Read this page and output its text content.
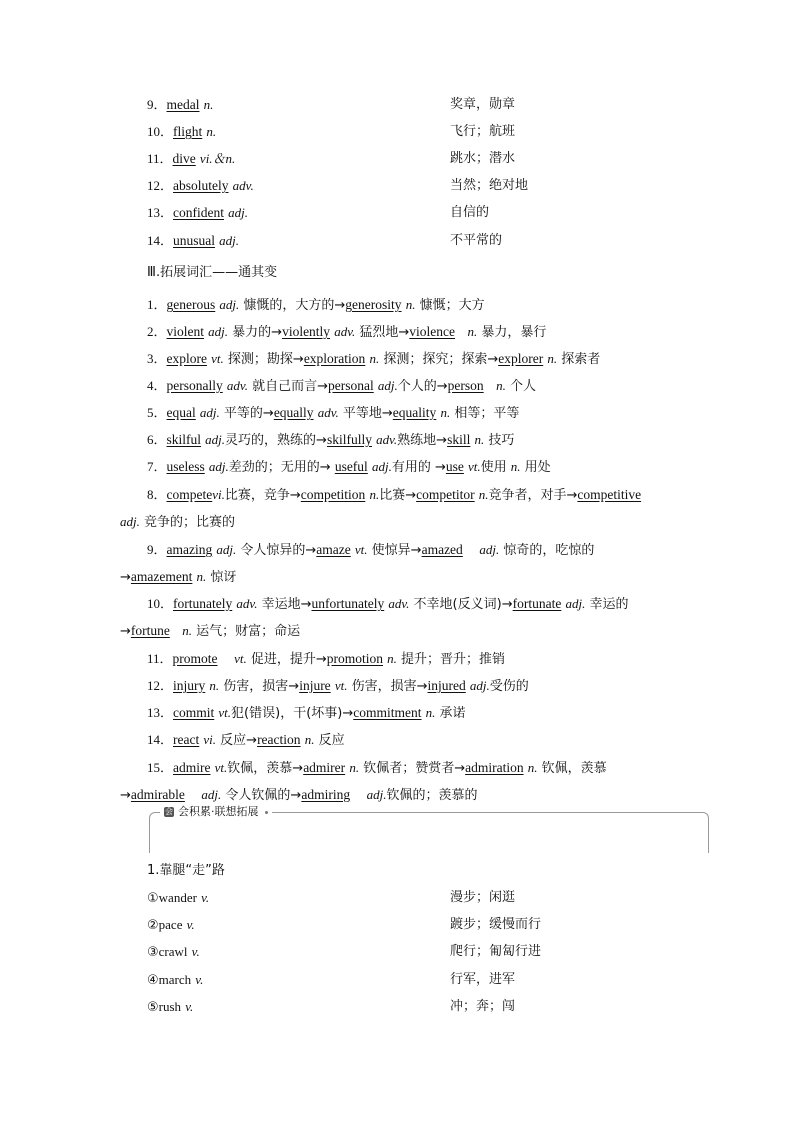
9．medal n.	奖章，勋章
10．flight n.	飞行；航班
11．dive vi.＆n.	跳水；潜水
12．absolutely adv.	当然；绝对地
13．confident adj.	自信的
14．unusual adj.	不平常的
Ⅲ.拓展词汇——通其变
1．generous adj. 慷慨的，大方的→generosity n. 慷慨；大方
2．violent adj. 暴力的→violently adv. 猛烈地→violence n. 暴力，暴行
3．explore vt. 探测；勘探→exploration n. 探测；探究；探索→explorer n. 探索者
4．personally adv. 就自己而言→personal adj.个人的→person n. 个人
5．equal adj. 平等的→equally adv. 平等地→equality n. 相等；平等
6．skilful adj.灵巧的，熟练的→skilfully adv.熟练地→skill n. 技巧
7．useless adj.差劲的；无用的→ useful adj.有用的 →use vt.使用 n. 用处
8．competevi.比赛，竞争→competition n.比赛→competitor n.竞争者，对手→competitive
adj. 竞争的；比赛的
9．amazing adj. 令人惊异的→amaze vt. 使惊异→amazed adj. 惊奇的，吃惊的
→amazement n. 惊讶
10．fortunately adv. 幸运地→unfortunately adv. 不幸地(反义词)→fortunate adj. 幸运的
→fortune n. 运气；财富；命运
11．promote vt. 促进，提升→promotion n. 提升；晋升；推销
12．injury n. 伤害，损害→injure vt. 伤害，损害→injured adj.受伤的
13．commit vt.犯(错误)，干(坏事)→commitment n. 承诺
14．react vi. 反应→reaction n. 反应
15．admire vt.钦佩，羡慕→admirer n. 钦佩者；赞赏者→admiration n. 钦佩，羡慕
→admirable adj. 令人钦佩的→admiring adj.钦佩的；羡慕的
会 会积累·联想拓展
1.靠腿“走”路
①wander v.	漫步；闲逛
②pace v.	踱步；缓慢而行
③crawl v.	爬行；匍匐行进
④march v.	行军，进军
⑤rush v.	冲；奔；闯
